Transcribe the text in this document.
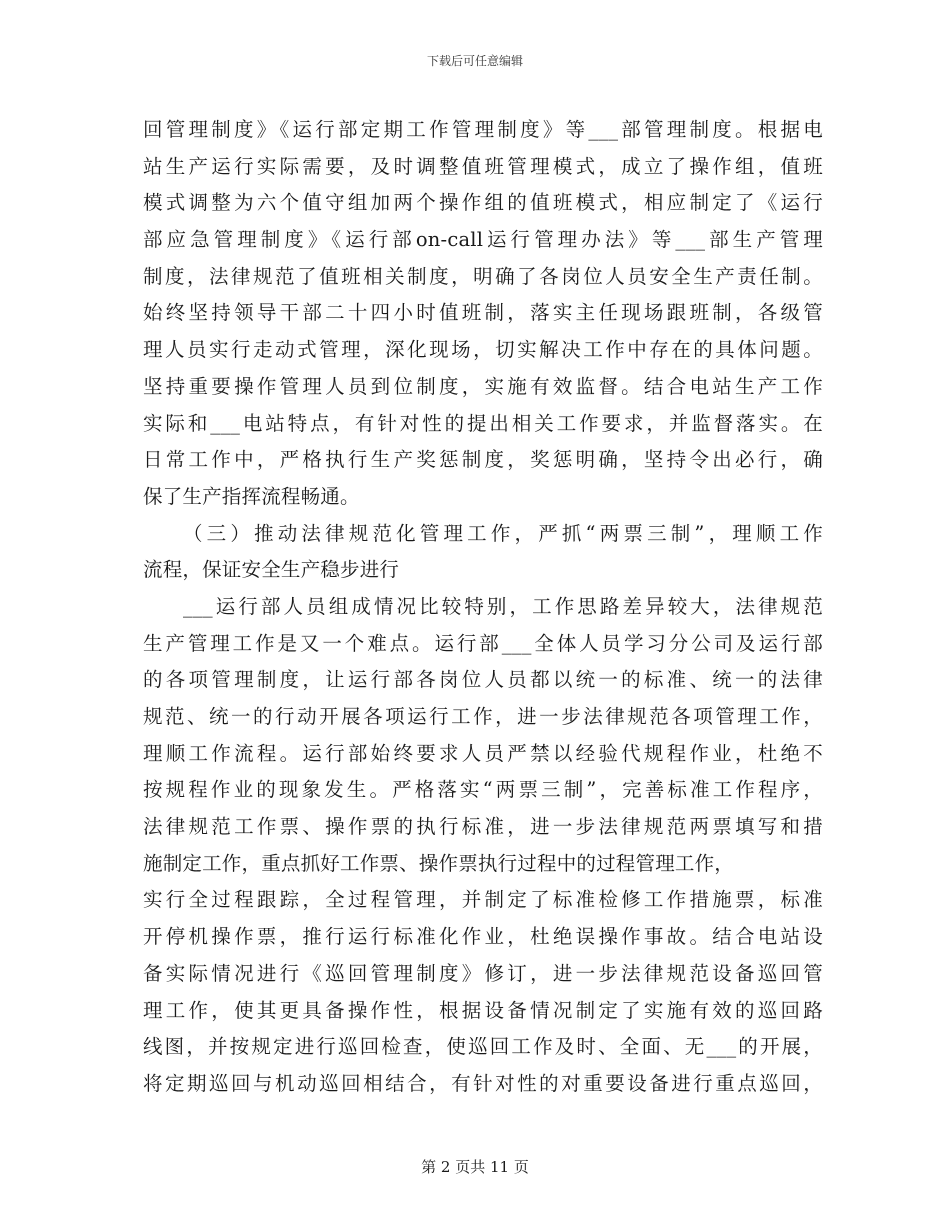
下载后可任意编辑
回管理制度》《运行部定期工作管理制度》等___部管理制度。根据电
站生产运行实际需要，及时调整值班管理模式，成立了操作组，值班
模式调整为六个值守组加两个操作组的值班模式，相应制定了《运行
部应急管理制度》《运行部on-call运行管理办法》等___部生产管理
制度，法律规范了值班相关制度，明确了各岗位人员安全生产责任制。
始终坚持领导干部二十四小时值班制，落实主任现场跟班制，各级管
理人员实行走动式管理，深化现场，切实解决工作中存在的具体问题。
坚持重要操作管理人员到位制度，实施有效监督。结合电站生产工作
实际和___电站特点，有针对性的提出相关工作要求，并监督落实。在
日常工作中，严格执行生产奖惩制度，奖惩明确，坚持令出必行，确
保了生产指挥流程畅通。
（三）推动法律规范化管理工作，严抓“两票三制”，理顺工作
流程，保证安全生产稳步进行
___运行部人员组成情况比较特别，工作思路差异较大，法律规范
生产管理工作是又一个难点。运行部___全体人员学习分公司及运行部
的各项管理制度，让运行部各岗位人员都以统一的标准、统一的法律
规范、统一的行动开展各项运行工作，进一步法律规范各项管理工作，
理顺工作流程。运行部始终要求人员严禁以经验代规程作业，杜绝不
按规程作业的现象发生。严格落实“两票三制”，完善标准工作程序，
法律规范工作票、操作票的执行标准，进一步法律规范两票填写和措
施制定工作，重点抓好工作票、操作票执行过程中的过程管理工作，
实行全过程跟踪，全过程管理，并制定了标准检修工作措施票，标准
开停机操作票，推行运行标准化作业，杜绝误操作事故。结合电站设
备实际情况进行《巡回管理制度》修订，进一步法律规范设备巡回管
理工作，使其更具备操作性，根据设备情况制定了实施有效的巡回路
线图，并按规定进行巡回检查，使巡回工作及时、全面、无___的开展，
将定期巡回与机动巡回相结合，有针对性的对重要设备进行重点巡回，
第 2 页共 11 页
